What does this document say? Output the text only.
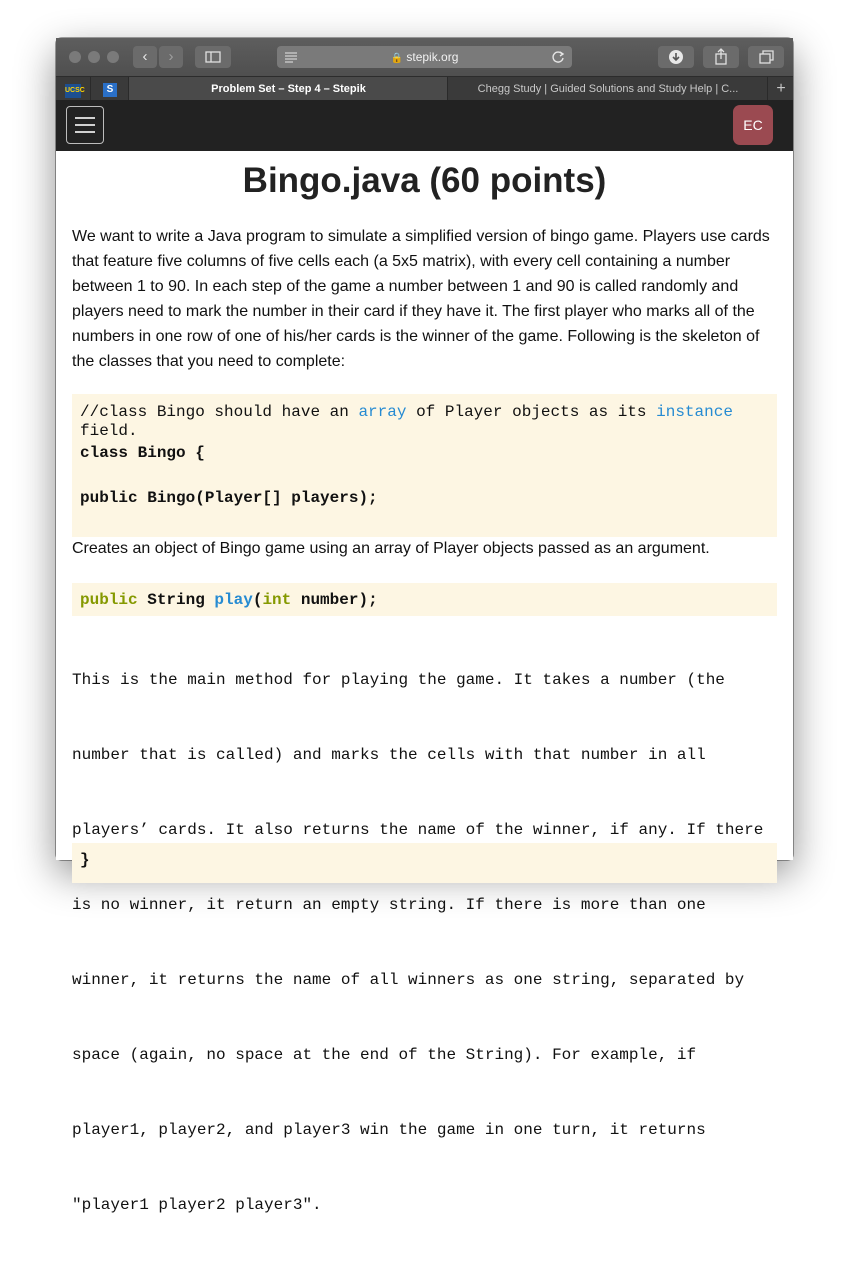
‹	›	🔒 stepik.org
UCSC	S	Problem Set – Step 4 – Stepik	Chegg Study | Guided Solutions and Study Help | C...	+
EC
Bingo.java (60 points)
We want to write a Java program to simulate a simplified version of bingo game. Players use cards
that feature five columns of five cells each (a 5x5 matrix), with every cell containing a number
between 1 to 90. In each step of the game a number between 1 and 90 is called randomly and
players need to mark the number in their card if they have it. The first player who marks all of the
numbers in one row of one of his/her cards is the winner of the game. Following is the skeleton of
the classes that you need to complete:
//class Bingo should have an array of Player objects as its instance
field.
class Bingo {
public Bingo(Player[] players);
Creates an object of Bingo game using an array of Player objects passed as an argument.
public String play(int number);

This is the main method for playing the game. It takes a number (the

number that is called) and marks the cells with that number in all

players’ cards. It also returns the name of the winner, if any. If there

is no winner, it return an empty string. If there is more than one

winner, it returns the name of all winners as one string, separated by

space (again, no space at the end of the String). For example, if

player1, player2, and player3 win the game in one turn, it returns

"player1 player2 player3".

}
